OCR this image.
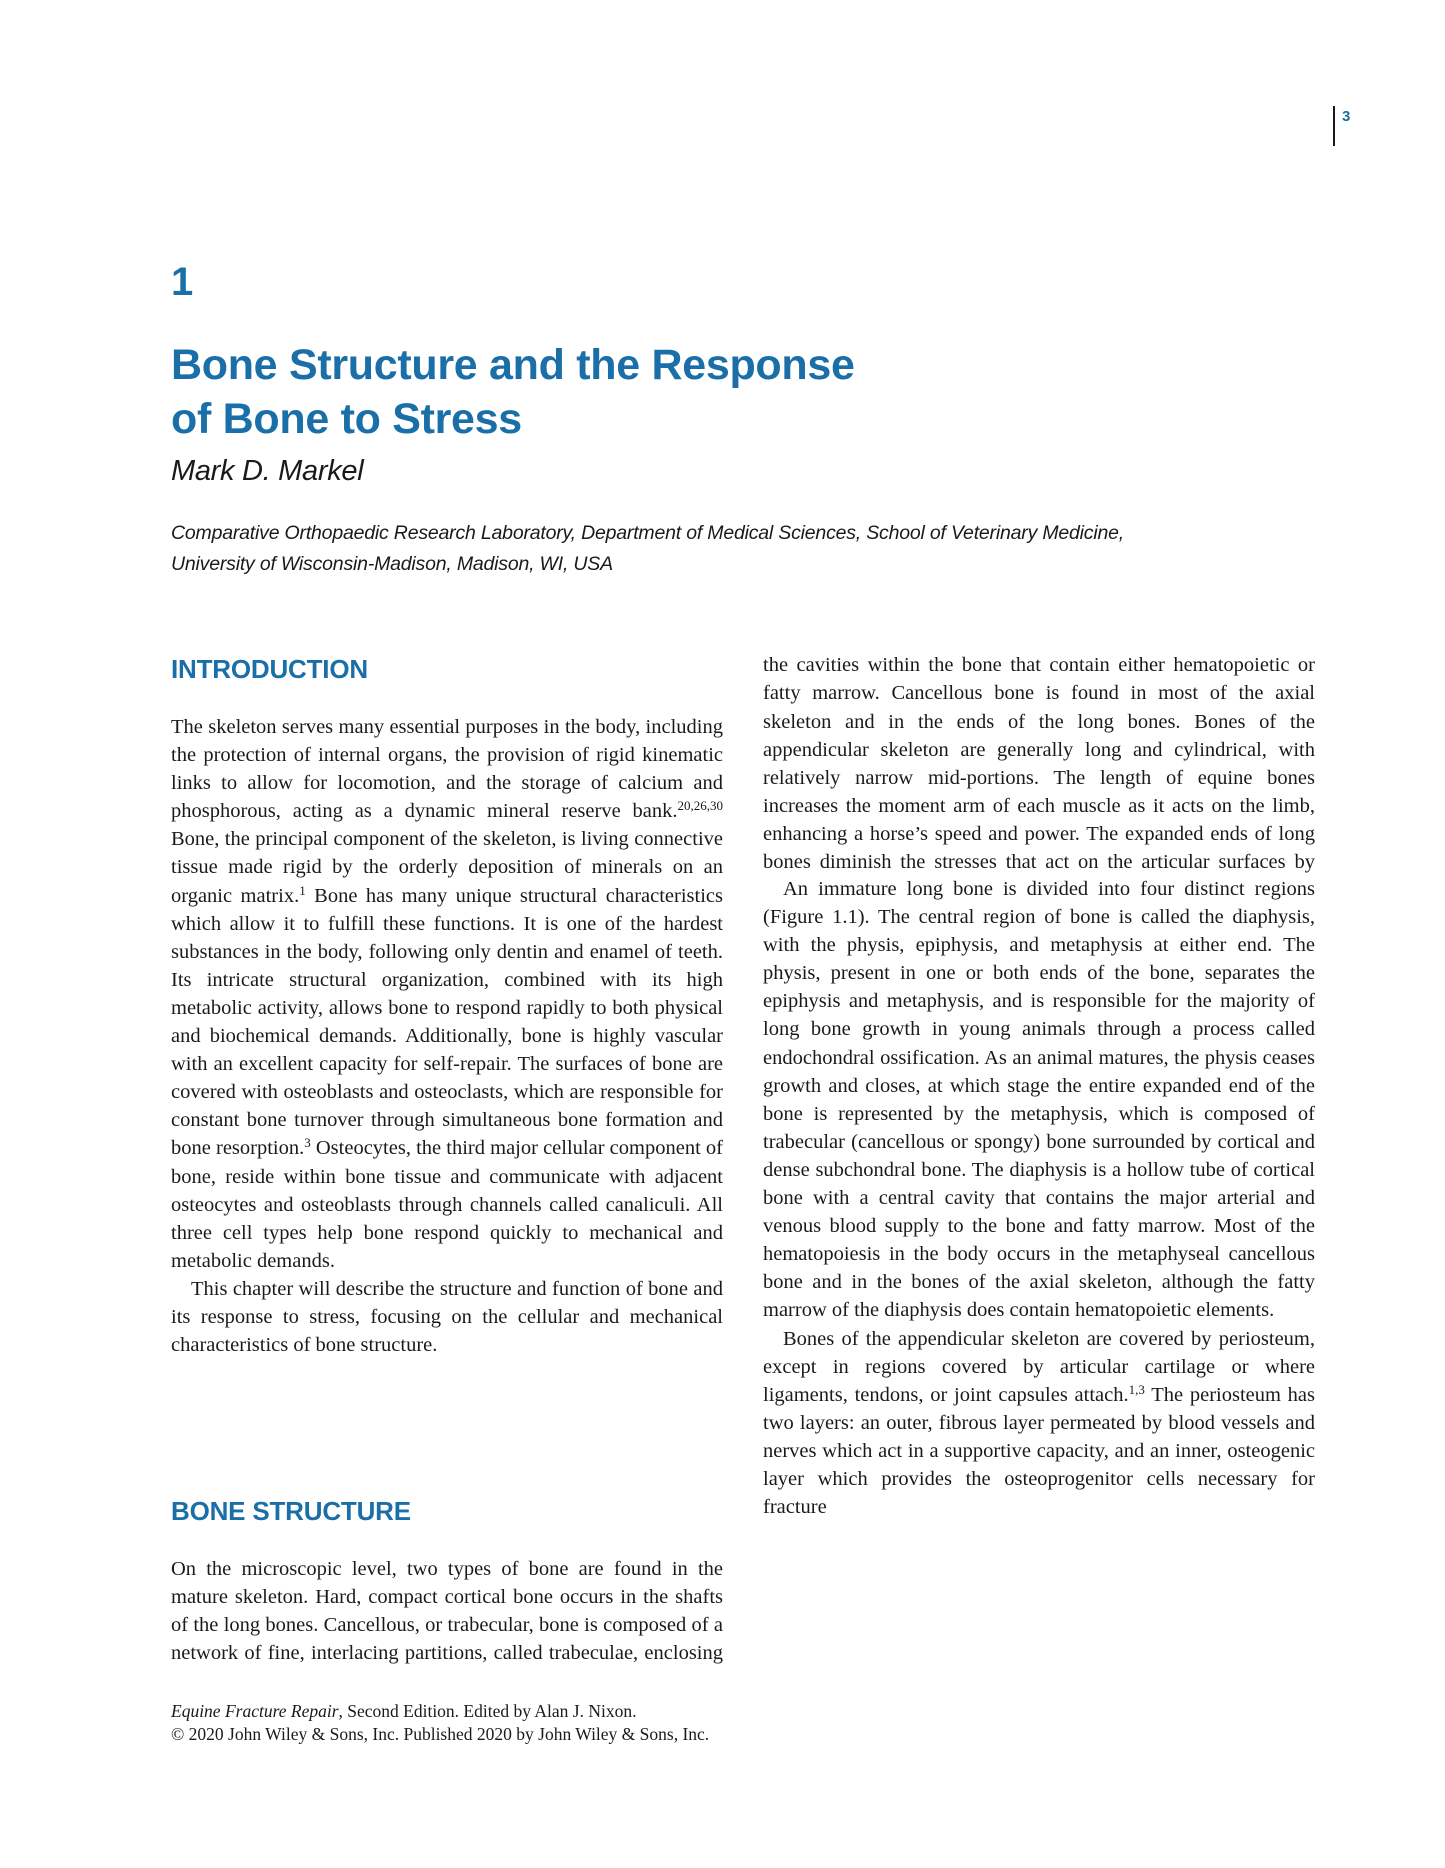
3
1
Bone Structure and the Response
of Bone to Stress
Mark D. Markel
Comparative Orthopaedic Research Laboratory, Department of Medical Sciences, School of Veterinary Medicine,
University of Wisconsin-Madison, Madison, WI, USA
INTRODUCTION

The skeleton serves many essential purposes in the body, including the protection of internal organs, the provision of rigid kinematic links to allow for locomotion, and the storage of calcium and phosphorous, acting as a dynamic mineral reserve bank.$^{20,26,30}$ Bone, the principal component of the skeleton, is living connective tissue made rigid by the orderly deposition of minerals on an organic matrix.$^1$ Bone has many unique structural characteristics which allow it to fulfill these functions. It is one of the hardest substances in the body, following only dentin and enamel of teeth. Its intricate structural organization, combined with its high metabolic activity, allows bone to respond rapidly to both physical and biochemical demands. Additionally, bone is highly vascular with an excellent capacity for self-repair. The surfaces of bone are covered with osteoblasts and osteoclasts, which are responsible for constant bone turnover through simultaneous bone formation and bone resorption.$^3$ Osteocytes, the third major cellular component of bone, reside within bone tissue and communicate with adjacent osteocytes and osteoblasts through channels called canaliculi. All three cell types help bone respond quickly to mechanical and metabolic demands.

This chapter will describe the structure and function of bone and its response to stress, focusing on the cellular and mechanical characteristics of bone structure.

BONE STRUCTURE

On the microscopic level, two types of bone are found in the mature skeleton. Hard, compact cortical bone occurs in the shafts of the long bones. Cancellous, or trabecular, bone is composed of a network of fine, interlacing partitions, called trabeculae, enclosing

the cavities within the bone that contain either hematopoietic or fatty marrow. Cancellous bone is found in most of the axial skeleton and in the ends of the long bones. Bones of the appendicular skeleton are generally long and cylindrical, with relatively narrow mid-portions. The length of equine bones increases the moment arm of each muscle as it acts on the limb, enhancing a horse’s speed and power. The expanded ends of long bones diminish the stresses that act on the articular surfaces by

An immature long bone is divided into four distinct regions (Figure 1.1). The central region of bone is called the diaphysis, with the physis, epiphysis, and metaphysis at either end. The physis, present in one or both ends of the bone, separates the epiphysis and metaphysis, and is responsible for the majority of long bone growth in young animals through a process called endochondral ossification. As an animal matures, the physis ceases growth and closes, at which stage the entire expanded end of the bone is represented by the metaphysis, which is composed of trabecular (cancellous or spongy) bone surrounded by cortical and dense subchondral bone. The diaphysis is a hollow tube of cortical bone with a central cavity that contains the major arterial and venous blood supply to the bone and fatty marrow. Most of the hematopoiesis in the body occurs in the metaphyseal cancellous bone and in the bones of the axial skeleton, although the fatty marrow of the diaphysis does contain hematopoietic elements.

Bones of the appendicular skeleton are covered by periosteum, except in regions covered by articular cartilage or where ligaments, tendons, or joint capsules attach.$^{1,3}$ The periosteum has two layers: an outer, fibrous layer permeated by blood vessels and nerves which act in a supportive capacity, and an inner, osteogenic layer which provides the osteoprogenitor cells necessary for fracture

Equine Fracture Repair, Second Edition. Edited by Alan J. Nixon.
© 2020 John Wiley & Sons, Inc. Published 2020 by John Wiley & Sons, Inc.
